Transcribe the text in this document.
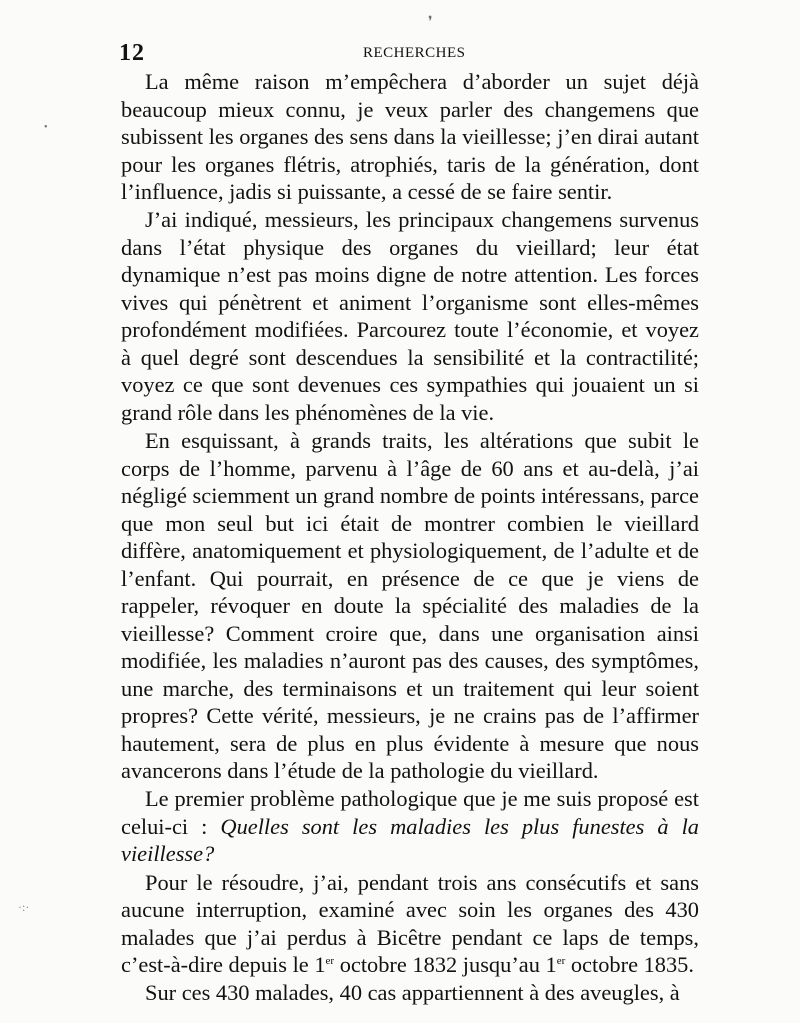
❜
•
·:·
12	RECHERCHES

La même raison m’empêchera d’aborder un sujet déjà beaucoup mieux connu, je veux parler des changemens que subissent les organes des sens dans la vieillesse; j’en dirai autant pour les organes flétris, atrophiés, taris de la génération, dont l’influence, jadis si puissante, a cessé de se faire sentir.

J’ai indiqué, messieurs, les principaux changemens survenus dans l’état physique des organes du vieillard; leur état dynamique n’est pas moins digne de notre attention. Les forces vives qui pénètrent et animent l’organisme sont elles-mêmes profondément modifiées. Parcourez toute l’économie, et voyez à quel degré sont descendues la sensibilité et la contractilité; voyez ce que sont devenues ces sympathies qui jouaient un si grand rôle dans les phénomènes de la vie.

En esquissant, à grands traits, les altérations que subit le corps de l’homme, parvenu à l’âge de 60 ans et au-delà, j’ai négligé sciemment un grand nombre de points intéressans, parce que mon seul but ici était de montrer combien le vieillard diffère, anatomiquement et physiologiquement, de l’adulte et de l’enfant. Qui pourrait, en présence de ce que je viens de rappeler, révoquer en doute la spécialité des maladies de la vieillesse? Comment croire que, dans une organisation ainsi modifiée, les maladies n’auront pas des causes, des symptômes, une marche, des terminaisons et un traitement qui leur soient propres? Cette vérité, messieurs, je ne crains pas de l’affirmer hautement, sera de plus en plus évidente à mesure que nous avancerons dans l’étude de la pathologie du vieillard.

Le premier problème pathologique que je me suis proposé est celui-ci : Quelles sont les maladies les plus funestes à la vieillesse?

Pour le résoudre, j’ai, pendant trois ans consécutifs et sans aucune interruption, examiné avec soin les organes des 430 malades que j’ai perdus à Bicêtre pendant ce laps de temps, c’est-à-dire depuis le 1er octobre 1832 jusqu’au 1er octobre 1835.

Sur ces 430 malades, 40 cas appartiennent à des aveugles, à
